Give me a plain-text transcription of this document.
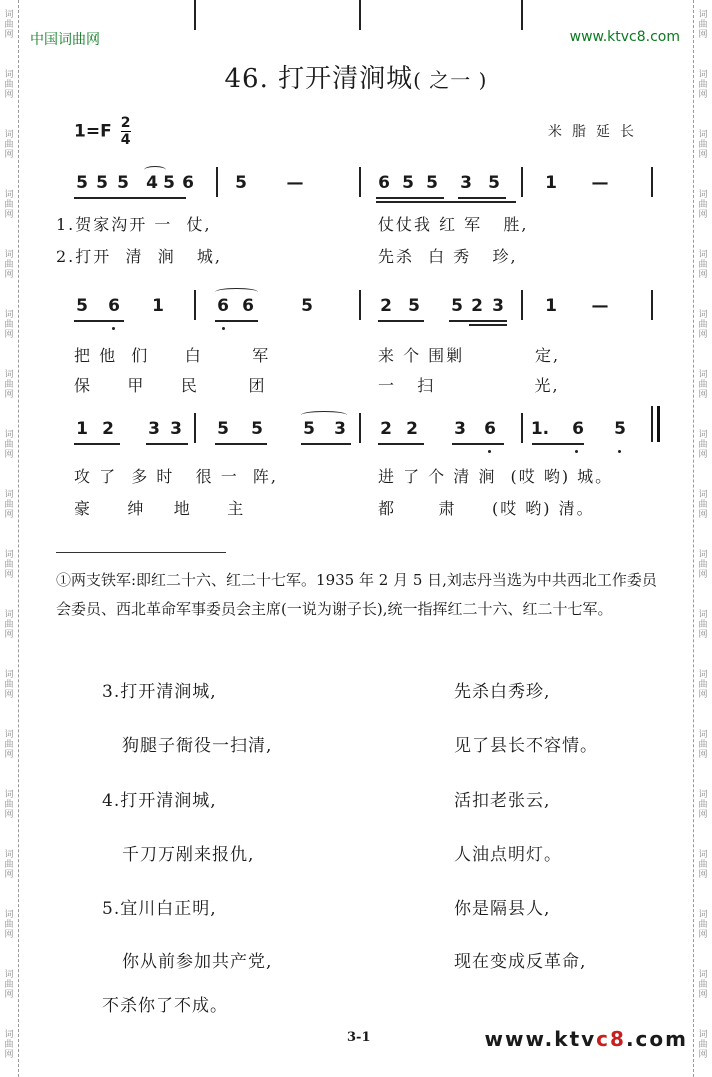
词
曲
网
词
曲
网
词
曲
网
词
曲
网
词
曲
网
词
曲
网
词
曲
网
词
曲
网
词
曲
网
词
曲
网
词
曲
网
词
曲
网
词
曲
网
词
曲
网
词
曲
网
词
曲
网
词
曲
网
词
曲
网
词
曲
网
词
曲
网
词
曲
网
词
曲
网
词
曲
网
词
曲
网
词
曲
网
词
曲
网
词
曲
网
词
曲
网
词
曲
网
词
曲
网
词
曲
网
词
曲
网
词
曲
网
词
曲
网
词
曲
网
词
曲
网
中国词曲网	www.ktvc8.com
46. 打开清涧城( 之一 )
$1=F \frac{2}{4}$	米脂延长
5 5 5 4 5 6 5 —	6 5 5 3 5	1 —
5 6 1	6 6	5	2 5 5 2 3 1 —
1 2 3 3 5 5 5 3 2 2 3 6 1. 6 5
1.贺家沟开 一  仗,	仗仗我 红 军   胜,
2.打开  清  涧   城,	先杀  白 秀   珍,
把 他  们     白       军	来 个 围剿          定,
保     甲     民       团	一   扫              光,
攻 了  多 时   很 一  阵,	进 了 个 清 涧  (哎 哟) 城。
豪     绅    地     主	都      肃     (哎 哟) 清。
①两支铁军:即红二十六、红二十七军。1935 年 2 月 5 日,刘志丹当选为中共西北工作委员会委员、西北革命军事委员会主席(一说为谢子长),统一指挥红二十六、红二十七军。
3.打开清涧城,	先杀白秀珍,
狗腿子衙役一扫清,	见了县长不容情。
4.打开清涧城,	活扣老张云,
千刀万剐来报仇,	人油点明灯。
5.宜川白正明,	你是隔县人,
你从前参加共产党,	现在变成反革命,
不杀你了不成。
3-1	www.ktvc8.com
